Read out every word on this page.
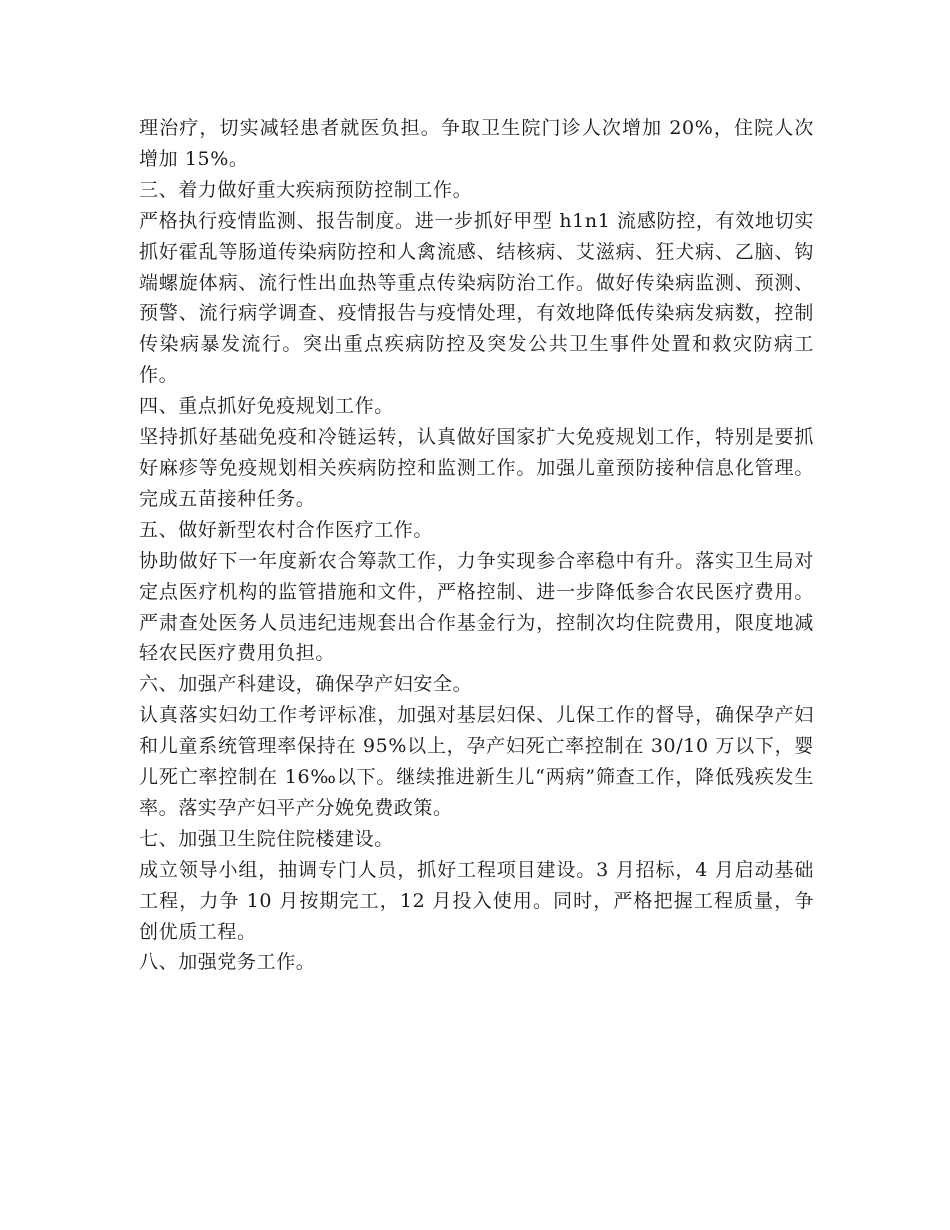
理治疗，切实减轻患者就医负担。争取卫生院门诊人次增加 20%，住院人次增加 15%。

三、着力做好重大疾病预防控制工作。

严格执行疫情监测、报告制度。进一步抓好甲型 h1n1 流感防控，有效地切实抓好霍乱等肠道传染病防控和人禽流感、结核病、艾滋病、狂犬病、乙脑、钩端螺旋体病、流行性出血热等重点传染病防治工作。做好传染病监测、预测、预警、流行病学调查、疫情报告与疫情处理，有效地降低传染病发病数，控制传染病暴发流行。突出重点疾病防控及突发公共卫生事件处置和救灾防病工作。

四、重点抓好免疫规划工作。

坚持抓好基础免疫和冷链运转，认真做好国家扩大免疫规划工作，特别是要抓好麻疹等免疫规划相关疾病防控和监测工作。加强儿童预防接种信息化管理。完成五苗接种任务。

五、做好新型农村合作医疗工作。

协助做好下一年度新农合筹款工作，力争实现参合率稳中有升。落实卫生局对定点医疗机构的监管措施和文件，严格控制、进一步降低参合农民医疗费用。严肃查处医务人员违纪违规套出合作基金行为，控制次均住院费用，限度地减轻农民医疗费用负担。

六、加强产科建设，确保孕产妇安全。

认真落实妇幼工作考评标准，加强对基层妇保、儿保工作的督导，确保孕产妇和儿童系统管理率保持在 95%以上，孕产妇死亡率控制在 30/10 万以下，婴儿死亡率控制在 16‰以下。继续推进新生儿“两病”筛查工作，降低残疾发生率。落实孕产妇平产分娩免费政策。

七、加强卫生院住院楼建设。

成立领导小组，抽调专门人员，抓好工程项目建设。3 月招标，4 月启动基础工程，力争 10 月按期完工，12 月投入使用。同时，严格把握工程质量，争创优质工程。

八、加强党务工作。
